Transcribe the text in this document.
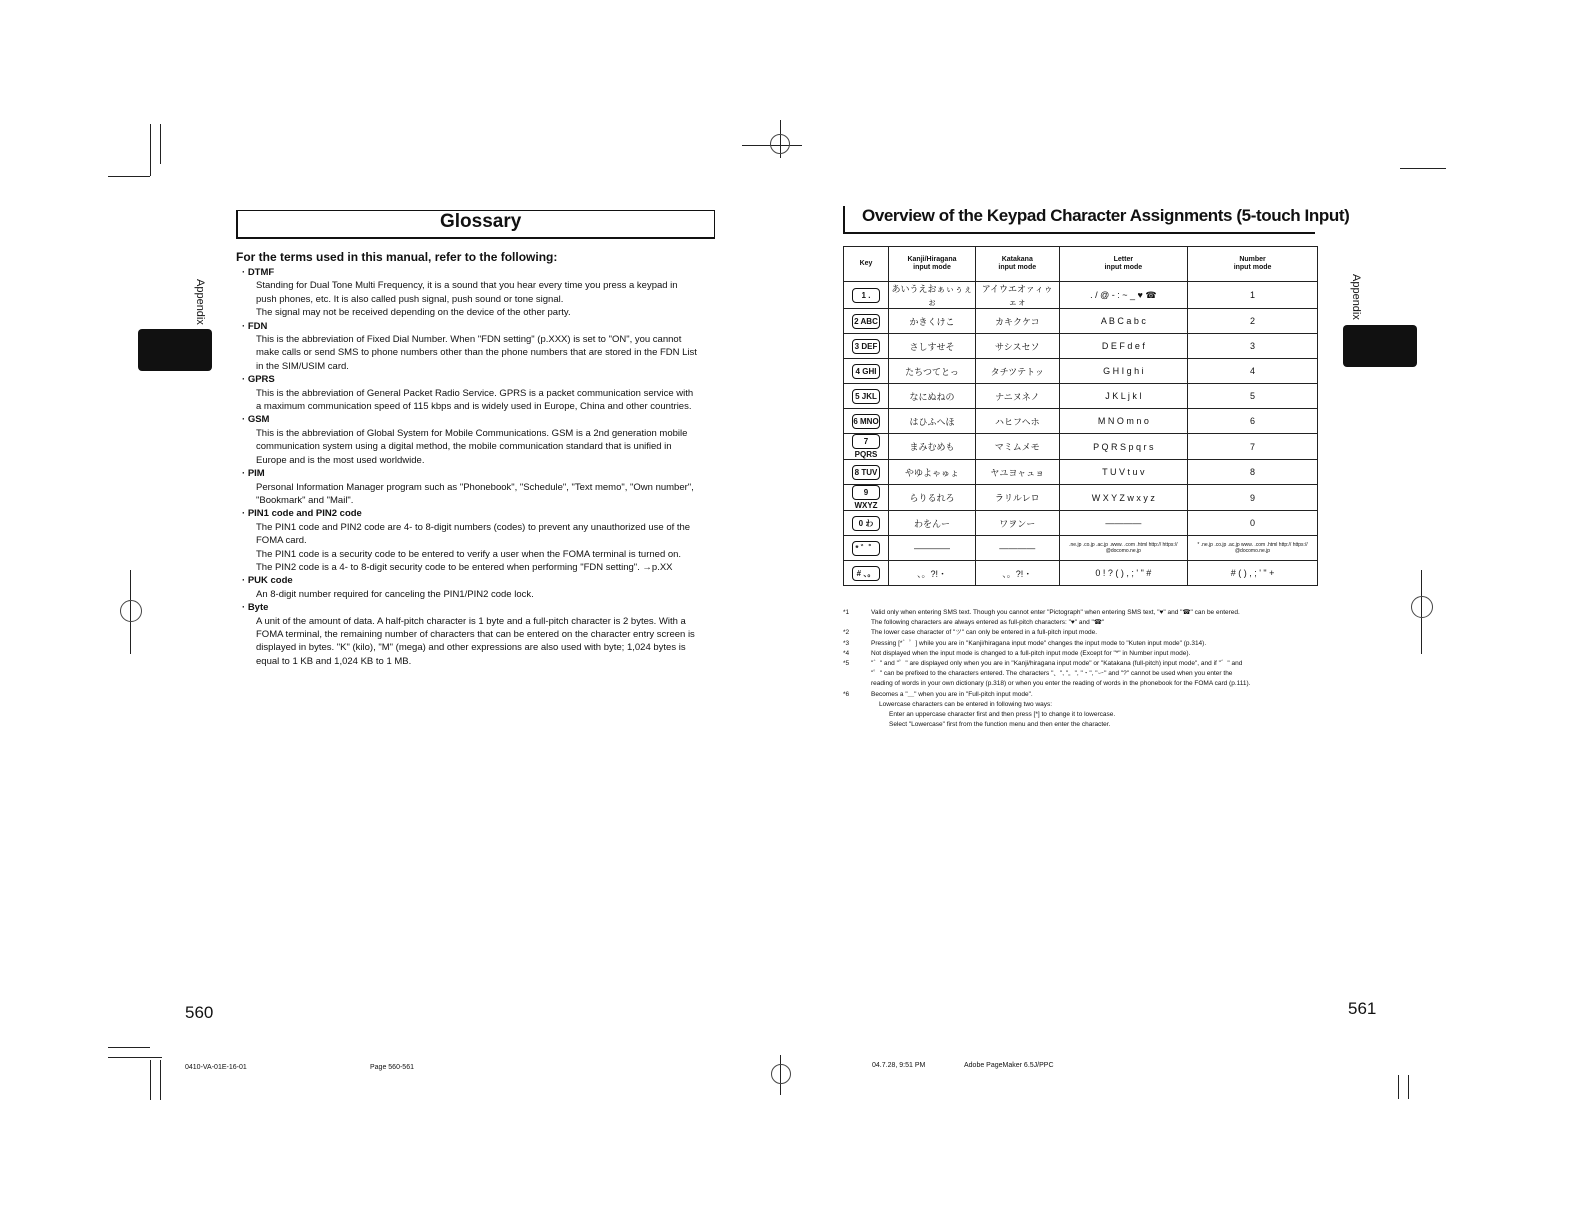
Appendix
Glossary
For the terms used in this manual, refer to the following:
· DTMF
Standing for Dual Tone Multi Frequency, it is a sound that you hear every time you press a keypad in
push phones, etc. It is also called push signal, push sound or tone signal.
The signal may not be received depending on the device of the other party.
· FDN
This is the abbreviation of Fixed Dial Number. When "FDN setting" (p.XXX) is set to "ON", you cannot
make calls or send SMS to phone numbers other than the phone numbers that are stored in the FDN List
in the SIM/USIM card.
· GPRS
This is the abbreviation of General Packet Radio Service. GPRS is a packet communication service with
a maximum communication speed of 115 kbps and is widely used in Europe, China and other countries.
· GSM
This is the abbreviation of Global System for Mobile Communications. GSM is a 2nd generation mobile
communication system using a digital method, the mobile communication standard that is unified in
Europe and is the most used worldwide.
· PIM
Personal Information Manager program such as "Phonebook", "Schedule", "Text memo", "Own number",
"Bookmark" and "Mail".
· PIN1 code and PIN2 code
The PIN1 code and PIN2 code are 4- to 8-digit numbers (codes) to prevent any unauthorized use of the
FOMA card.
The PIN1 code is a security code to be entered to verify a user when the FOMA terminal is turned on.
The PIN2 code is a 4- to 8-digit security code to be entered when performing "FDN setting". →p.XX
· PUK code
An 8-digit number required for canceling the PIN1/PIN2 code lock.
· Byte
A unit of the amount of data. A half-pitch character is 1 byte and a full-pitch character is 2 bytes. With a
FOMA terminal, the remaining number of characters that can be entered on the character entry screen is
displayed in bytes. "K" (kilo), "M" (mega) and other expressions are also used with byte; 1,024 bytes is
equal to 1 KB and 1,024 KB to 1 MB.
560
0410-VA-01E-16-01	Page 560-561
Appendix
Overview of the Keypad Character Assignments (5-touch Input)
Key	Kanji/Hiragana
input mode	Katakana
input mode	Letter
input mode	Number
input mode
1 .	あいうえおぁぃぅぇぉ	アイウエオァィゥェォ	. / @ - : ~ _ ♥ ☎	1
2 ABC	かきくけこ	カキクケコ	A B C a b c	2
3 DEF	さしすせそ	サシスセソ	D E F d e f	3
4 GHI	たちつてとっ	タチツテトッ	G H I g h i	4
5 JKL	なにぬねの	ナニヌネノ	J K L j k l	5
6 MNO	はひふへほ	ハヒフヘホ	M N O m n o	6
7 PQRS	まみむめも	マミムメモ	P Q R S p q r s	7
8 TUV	やゆよゃゅょ	ヤユヨャュョ	T U V t u v	8
9 WXYZ	らりるれろ	ラリルレロ	W X Y Z w x y z	9
0 わ	わをんー	ワヲンー	————	0
* ゛゜	————	————	.ne.jp .co.jp .ac.jp .www. .com .html http:// https:// @docomo.ne.jp	* .ne.jp .co.jp .ac.jp www. .com .html http:// https:// @docomo.ne.jp
# 、。	、。?!・	、。?!・	0 ! ? ( ) , ; ' " #	# ( ) , ; ' " +
*1	Valid only when entering SMS text. Though you cannot enter "Pictograph" when entering SMS text, "♥" and "☎" can be entered.
The following characters are always entered as full-pitch characters: "♥" and "☎"
*2	The lower case character of "ツ" can only be entered in a full-pitch input mode.
*3	Pressing [*゛゜] while you are in "Kanji/hiragana input mode" changes the input mode to "Kuten input mode" (p.314).
*4	Not displayed when the input mode is changed to a full-pitch input mode (Except for "*" in Number input mode).
*5	"゛" and "゜" are displayed only when you are in "Kanji/hiragana input mode" or "Katakana (full-pitch) input mode", and if "゛" and
"゜" can be prefixed to the characters entered. The characters "、", "。", "・", "ー" and "?" cannot be used when you enter the
reading of words in your own dictionary (p.318) or when you enter the reading of words in the phonebook for the FOMA card (p.111).
*6	Becomes a "＿" when you are in "Full-pitch input mode".
Lowercase characters can be entered in following two ways:
Enter an uppercase character first and then press [*] to change it to lowercase.
Select "Lowercase" first from the function menu and then enter the character.
561
04.7.28, 9:51 PM	Adobe PageMaker 6.5J/PPC
